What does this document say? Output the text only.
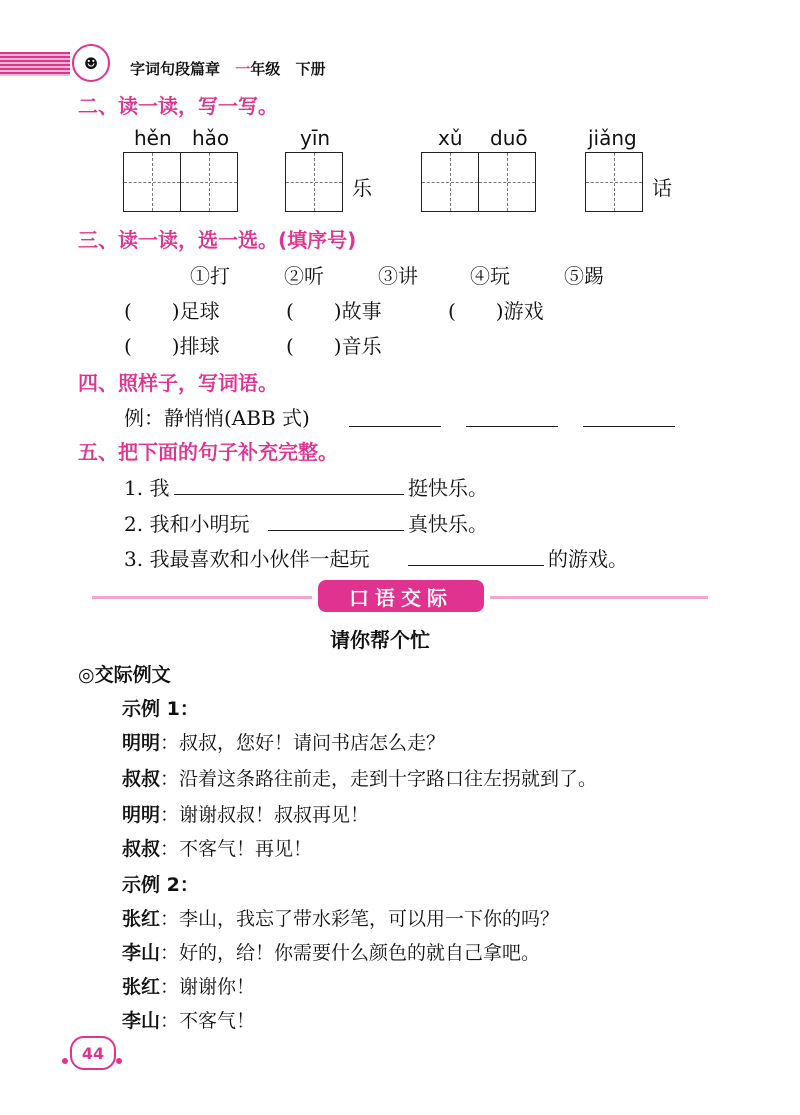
☻	字词句段篇章 一年级 下册
二、读一读，写一写。
hěn hǎo	yīn
乐
xǔ duō	jiǎng
话
三、读一读，选一选。(填序号)
①打	②听	③讲	④玩	⑤踢
(　　)足球	(　　)故事	(　　)游戏
(　　)排球	(　　)音乐
四、照样子，写词语。
例：静悄悄(ABB 式)
五、把下面的句子补充完整。
1. 我	挺快乐。
2. 我和小明玩	真快乐。
3. 我最喜欢和小伙伴一起玩	的游戏。
口语交际
请你帮个忙
◎交际例文
示例 1：
明明：叔叔，您好！请问书店怎么走？
叔叔：沿着这条路往前走，走到十字路口往左拐就到了。
明明：谢谢叔叔！叔叔再见！
叔叔：不客气！再见！
示例 2：
张红：李山，我忘了带水彩笔，可以用一下你的吗？
李山：好的，给！你需要什么颜色的就自己拿吧。
张红：谢谢你！
李山：不客气！
44
